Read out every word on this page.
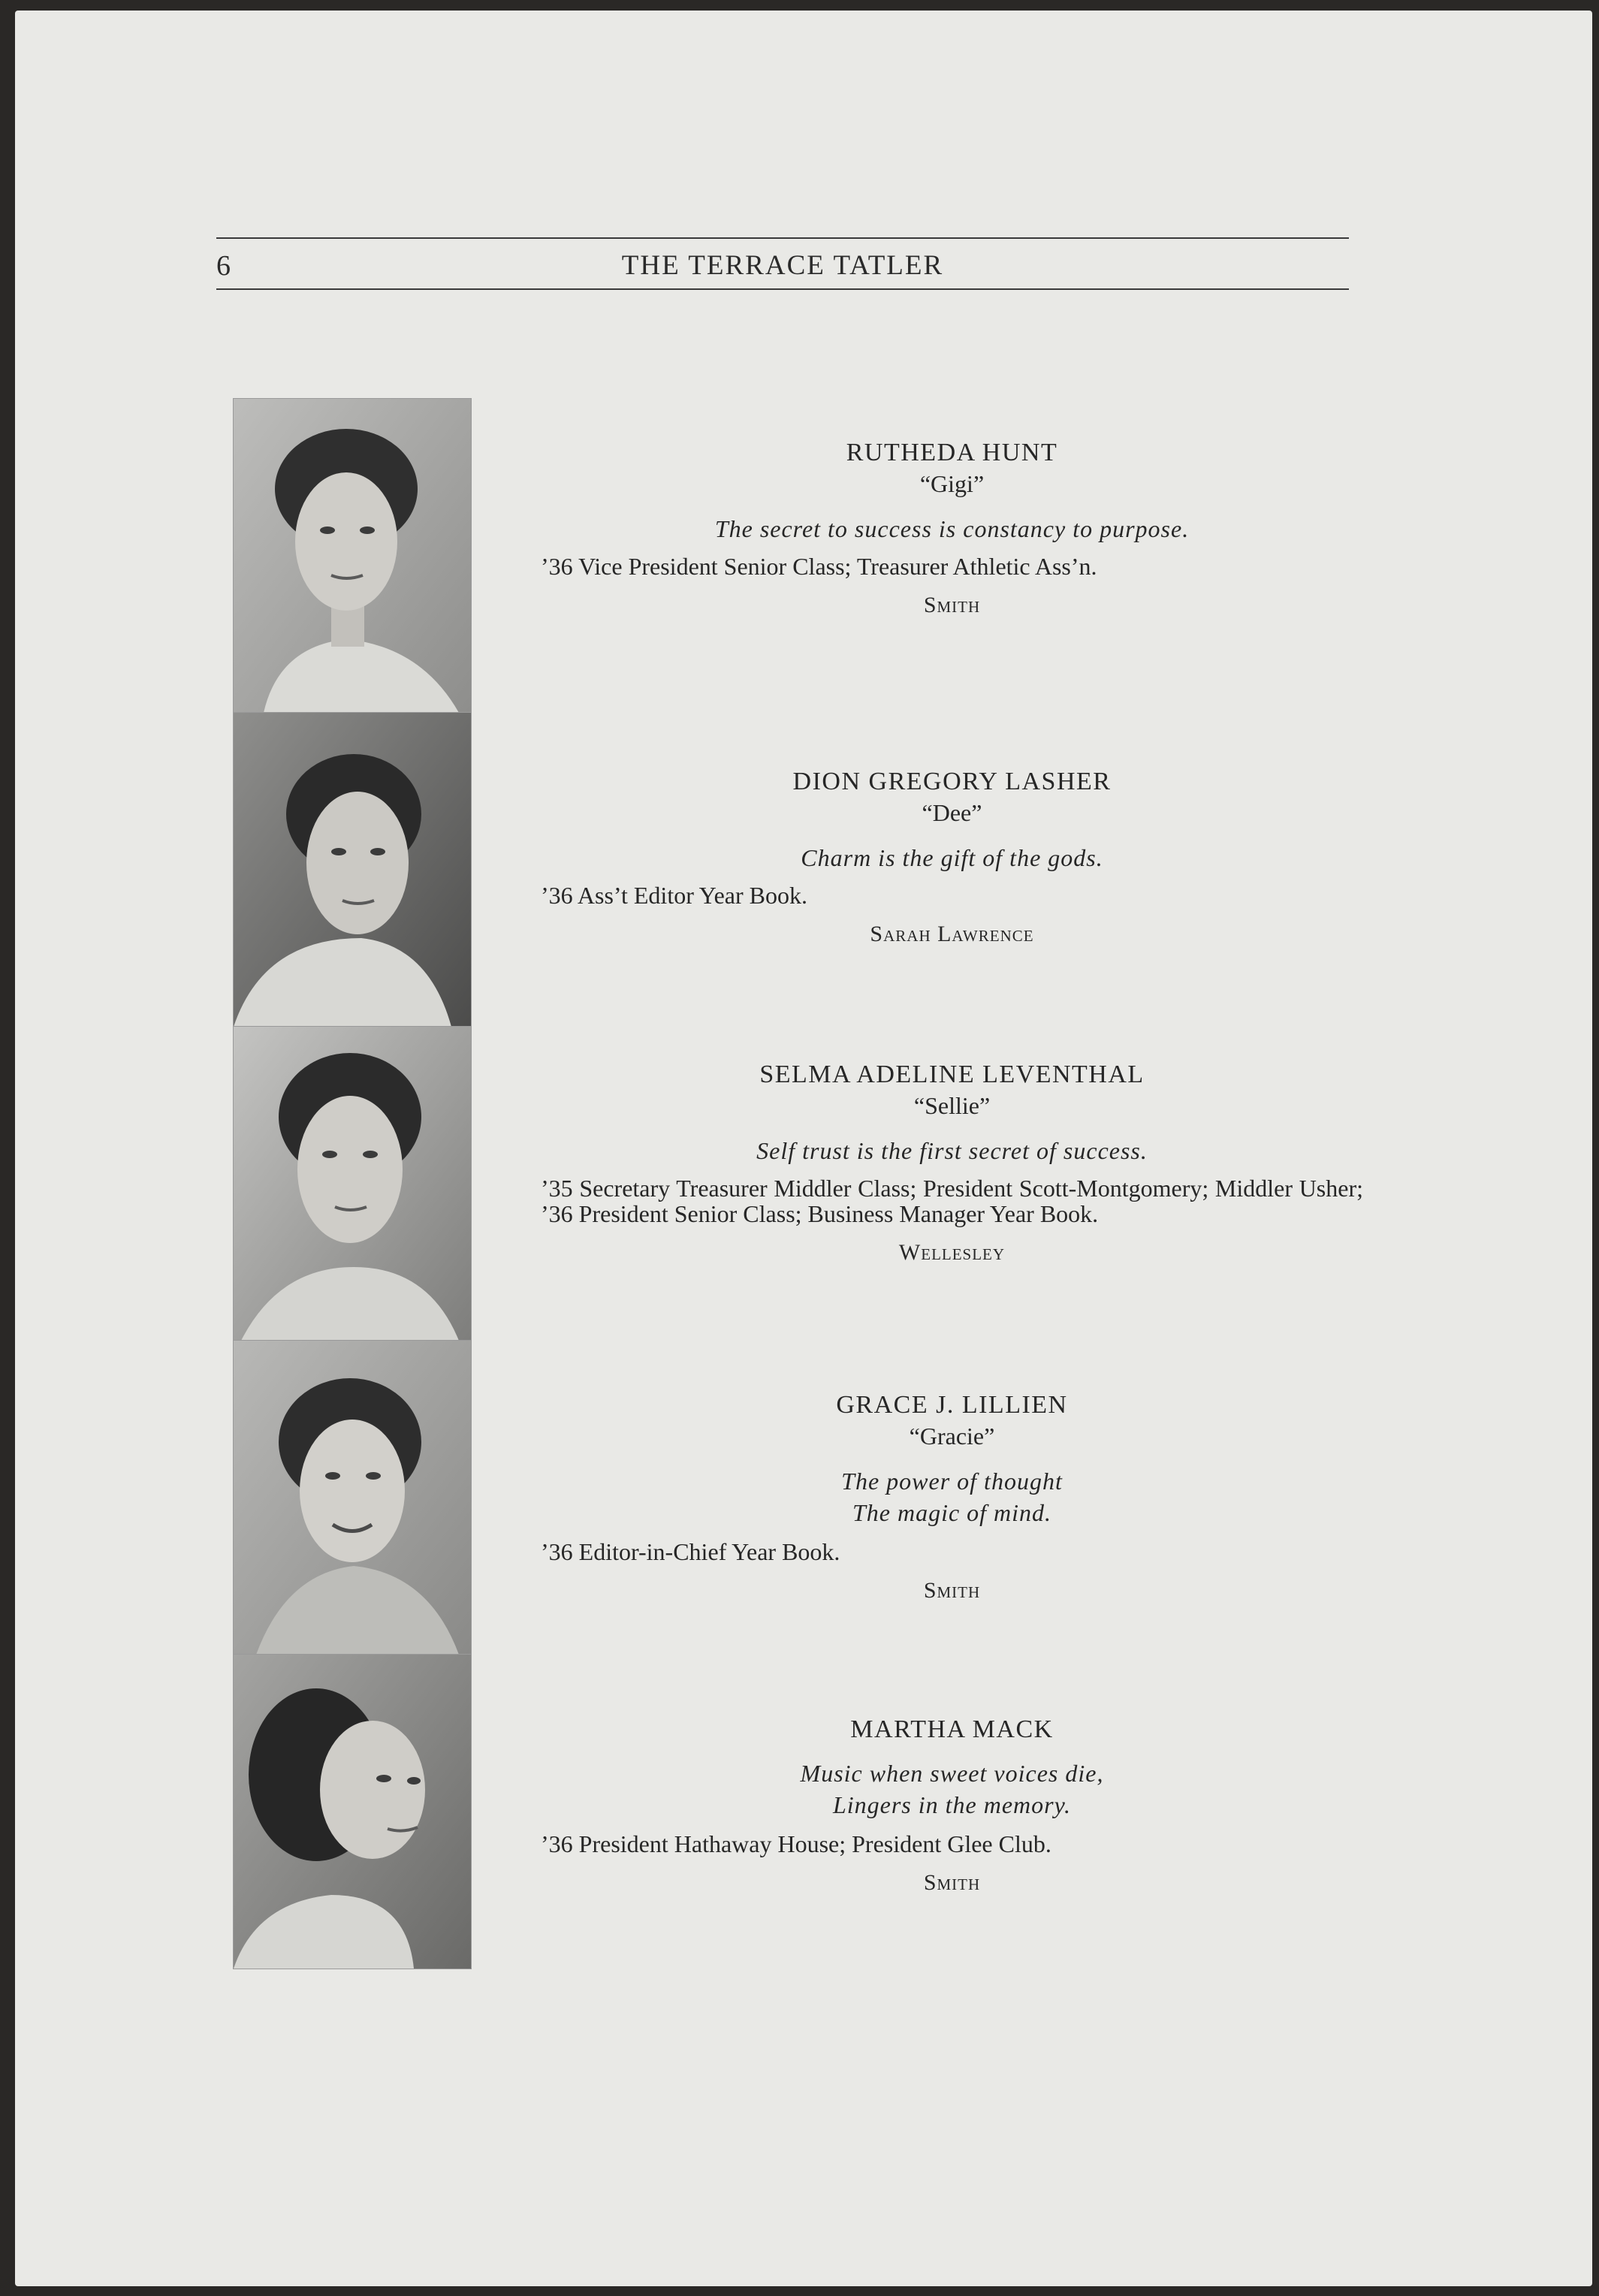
6	THE TERRACE TATLER
RUTHEDA HUNT
“Gigi”
The secret to success is constancy to purpose.
’36 Vice President Senior Class; Treasurer Athletic Ass’n.
Smith
DION GREGORY LASHER
“Dee”
Charm is the gift of the gods.
’36 Ass’t Editor Year Book.
Sarah Lawrence
SELMA ADELINE LEVENTHAL
“Sellie”
Self trust is the first secret of success.
’35 Secretary Treasurer Middler Class; President Scott-Montgomery; Middler Usher; ’36 President Senior Class; Business Manager Year Book.
Wellesley
GRACE J. LILLIEN
“Gracie”
The power of thought
The magic of mind.
’36 Editor-in-Chief Year Book.
Smith
MARTHA MACK
Music when sweet voices die,
Lingers in the memory.
’36 President Hathaway House; President Glee Club.
Smith
